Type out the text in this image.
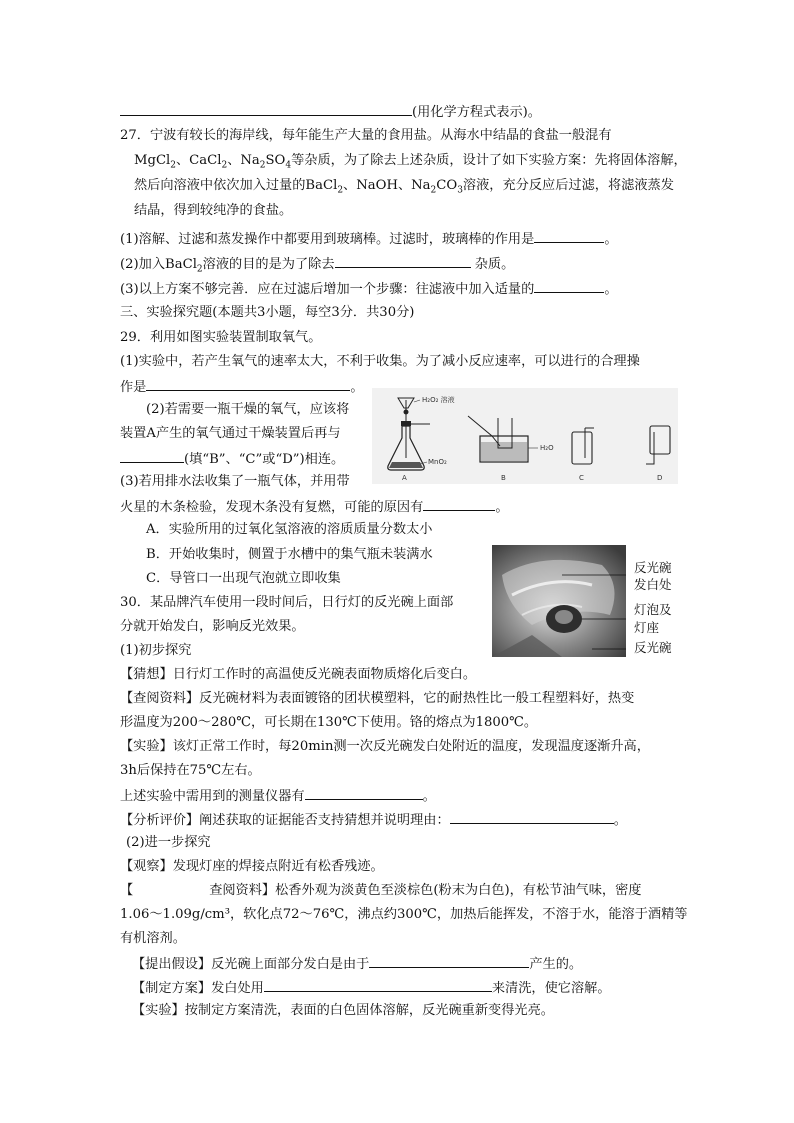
(用化学方程式表示)。
27．宁波有较长的海岸线，每年能生产大量的食用盐。从海水中结晶的食盐一般混有
MgCl$_2$、CaCl$_2$、$Na_2SO_4$等杂质，为了除去上述杂质，设计了如下实验方案：先将固体溶解，
然后向溶液中依次加入过量的BaCl$_2$、NaOH、$Na_2CO_3$溶液，充分反应后过滤，将滤液蒸发
结晶，得到较纯净的食盐。
(1)溶解、过滤和蒸发操作中都要用到玻璃棒。过滤时，玻璃棒的作用是	。
(2)加入BaCl$_2$溶液的目的是为了除去	杂质。
(3)以上方案不够完善．应在过滤后增加一个步骤：往滤液中加入适量的	。
三、实验探究题(本题共3小题，每空3分．共30分)
29．利用如图实验装置制取氧气。
(1)实验中，若产生氧气的速率太大，不利于收集。为了减小反应速率，可以进行的合理操
作是	。
(2)若需要一瓶干燥的氧气，应该将
装置A产生的氧气通过干燥装置后再与
(填“B”、“C”或“D”)相连。
(3)若用排水法收集了一瓶气体，并用带
火星的木条检验，发现木条没有复燃，可能的原因有	。
A．实验所用的过氧化氢溶液的溶质质量分数太小
B．开始收集时，侧置于水槽中的集气瓶未装满水
C．导管口一出现气泡就立即收集
H₂O₂ 溶液
MnO₂
A
H₂O
B	C	D
30．某品牌汽车使用一段时间后，日行灯的反光碗上面部
分就开始发白，影响反光效果。
(1)初步探究
【猜想】日行灯工作时的高温使反光碗表面物质熔化后变白。
【查阅资料】反光碗材料为表面镀铬的团状模塑料，它的耐热性比一般工程塑料好，热变
形温度为200～280℃，可长期在130℃下使用。铬的熔点为1800℃。
【实验】该灯正常工作时，每20min测一次反光碗发白处附近的温度，发现温度逐渐升高，
3h后保持在75℃左右。
上述实验中需用到的测量仪器有	。
【分析评价】阐述获取的证据能否支持猜想并说明理由：	。
(2)进一步探究
【观察】发现灯座的焊接点附近有松香残迹。
【	查阅资料】松香外观为淡黄色至淡棕色(粉末为白色)，有松节油气味，密度
1.06～1.09g/cm³，软化点72～76℃，沸点约300℃，加热后能挥发，不溶于水，能溶于酒精等
有机溶剂。
【提出假设】反光碗上面部分发白是由于	产生的。
【制定方案】发白处用	来清洗，使它溶解。
【实验】按制定方案清洗，表面的白色固体溶解，反光碗重新变得光亮。
反光碗
发白处
灯泡及
灯座
反光碗
